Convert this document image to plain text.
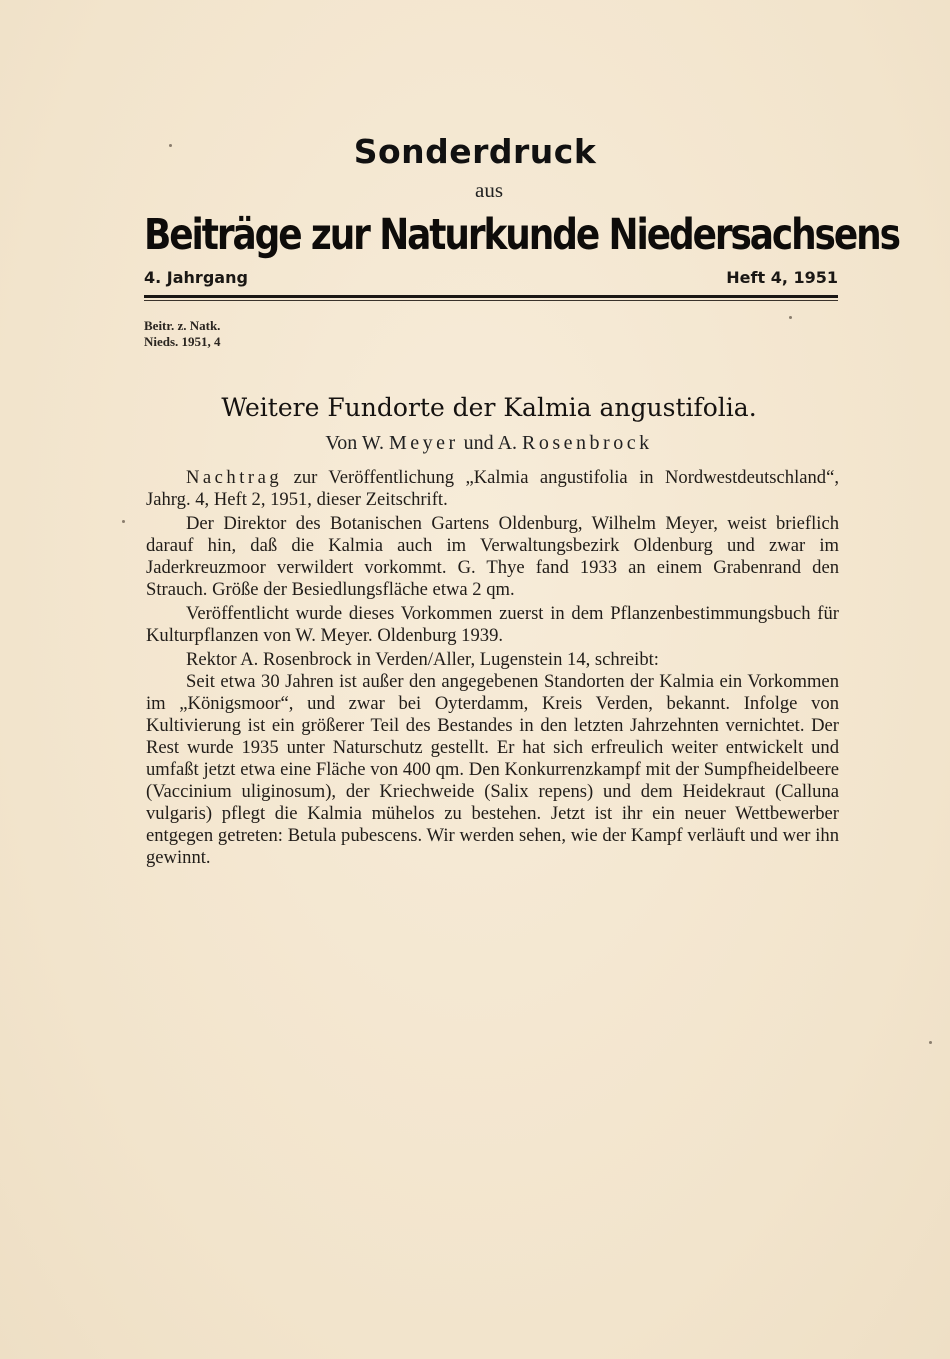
Sonderdruck
aus
Beiträge zur Naturkunde Niedersachsens
4. Jahrgang	Heft 4, 1951
Beitr. z. Natk.
Nieds. 1951, 4
Weitere Fundorte der Kalmia angustifolia.
Von W. Meyer und A. Rosenbrock

Nachtrag zur Veröffentlichung „Kalmia angustifolia in Nordwestdeutschland“, Jahrg. 4, Heft 2, 1951, dieser Zeitschrift.

Der Direktor des Botanischen Gartens Oldenburg, Wilhelm Meyer, weist brieflich darauf hin, daß die Kalmia auch im Verwaltungsbezirk Oldenburg und zwar im Jaderkreuzmoor verwildert vorkommt. G. Thye fand 1933 an einem Grabenrand den Strauch. Größe der Besiedlungsfläche etwa 2 qm.

Veröffentlicht wurde dieses Vorkommen zuerst in dem Pflanzenbestimmungsbuch für Kulturpflanzen von W. Meyer. Oldenburg 1939.

Rektor A. Rosenbrock in Verden/Aller, Lugenstein 14, schreibt:

Seit etwa 30 Jahren ist außer den angegebenen Standorten der Kalmia ein Vorkommen im „Königsmoor“, und zwar bei Oyterdamm, Kreis Verden, bekannt. Infolge von Kultivierung ist ein größerer Teil des Bestandes in den letzten Jahrzehnten vernichtet. Der Rest wurde 1935 unter Naturschutz gestellt. Er hat sich erfreulich weiter entwickelt und umfaßt jetzt etwa eine Fläche von 400 qm. Den Konkurrenzkampf mit der Sumpfheidelbeere (Vaccinium uliginosum), der Kriechweide (Salix repens) und dem Heidekraut (Calluna vulgaris) pflegt die Kalmia mühelos zu bestehen. Jetzt ist ihr ein neuer Wettbewerber entgegen getreten: Betula pubescens. Wir werden sehen, wie der Kampf verläuft und wer ihn gewinnt.
